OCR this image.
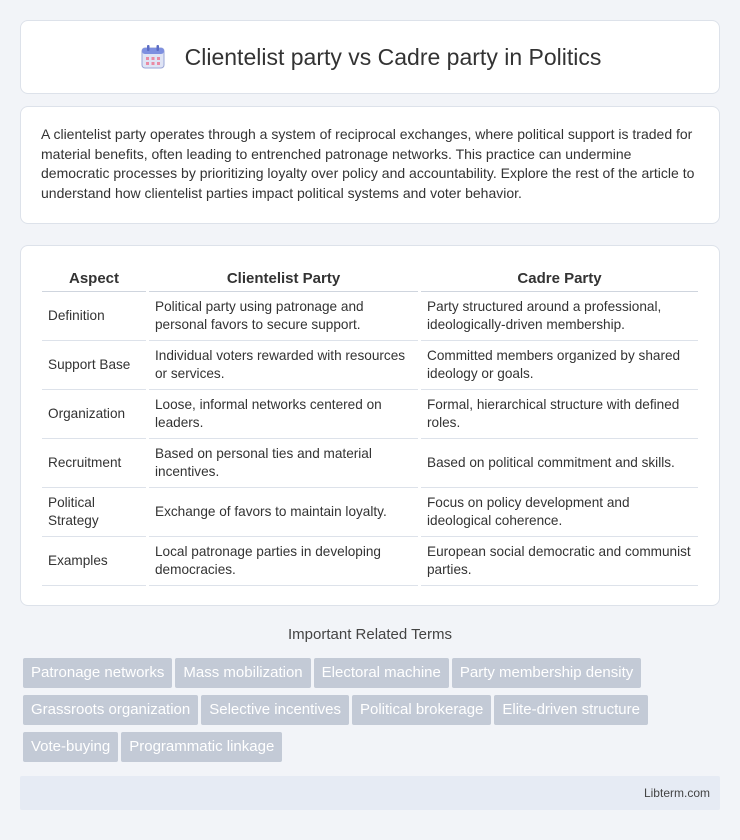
Clientelist party vs Cadre party in Politics

A clientelist party operates through a system of reciprocal exchanges, where political support is traded for material benefits, often leading to entrenched patronage networks. This practice can undermine democratic processes by prioritizing loyalty over policy and accountability. Explore the rest of the article to understand how clientelist parties impact political systems and voter behavior.

Aspect	Clientelist Party	Cadre Party
Definition	Political party using patronage and personal favors to secure support.	Party structured around a professional, ideologically-driven membership.
Support Base	Individual voters rewarded with resources or services.	Committed members organized by shared ideology or goals.
Organization	Loose, informal networks centered on leaders.	Formal, hierarchical structure with defined roles.
Recruitment	Based on personal ties and material incentives.	Based on political commitment and skills.
Political Strategy	Exchange of favors to maintain loyalty.	Focus on policy development and ideological coherence.
Examples	Local patronage parties in developing democracies.	European social democratic and communist parties.
Important Related Terms
Patronage networks Mass mobilization Electoral machine Party membership density
Grassroots organization Selective incentives Political brokerage Elite-driven structure
Vote-buying Programmatic linkage
Libterm.com
